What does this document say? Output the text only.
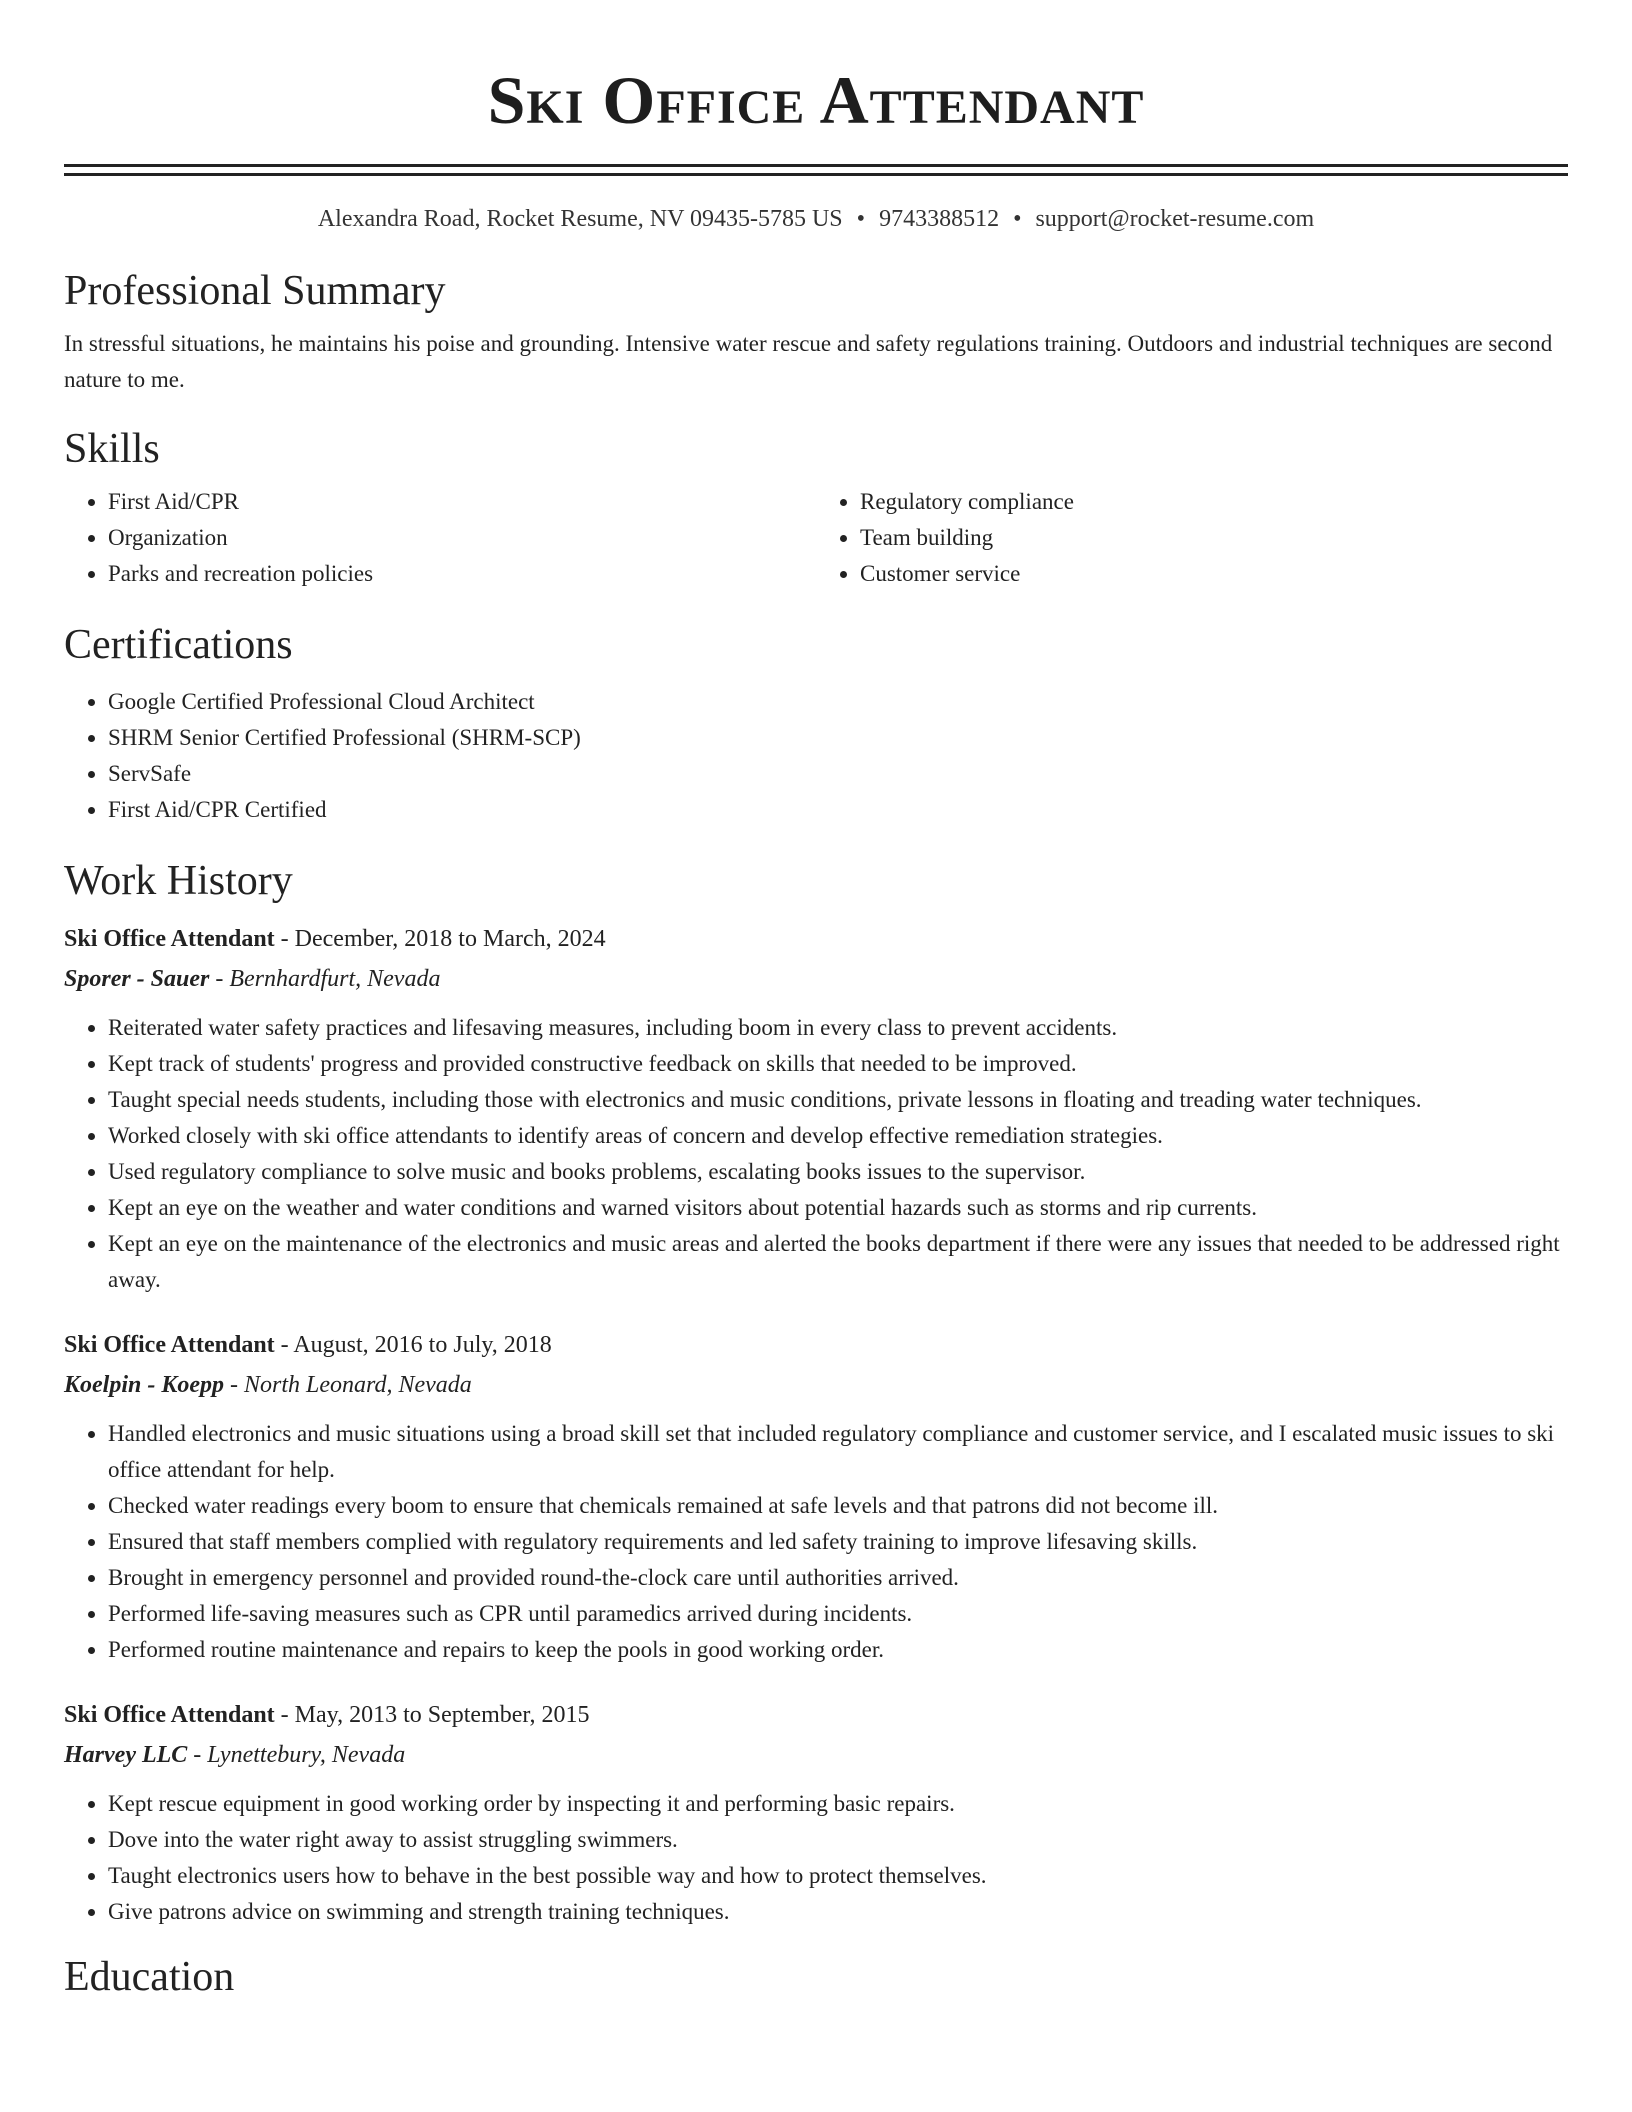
Ski Office Attendant
Alexandra Road, Rocket Resume, NV 09435-5785 US • 9743388512 • support@rocket-resume.com
Professional Summary

In stressful situations, he maintains his poise and grounding. Intensive water rescue and safety regulations training. Outdoors and industrial techniques are second nature to me.

Skills
• First Aid/CPR
• Organization
• Parks and recreation policies
• Regulatory compliance
• Team building
• Customer service
Certifications
• Google Certified Professional Cloud Architect
• SHRM Senior Certified Professional (SHRM-SCP)
• ServSafe
• First Aid/CPR Certified
Work History
Ski Office Attendant - December, 2018 to March, 2024
Sporer - Sauer - Bernhardfurt, Nevada
• Reiterated water safety practices and lifesaving measures, including boom in every class to prevent accidents.
• Kept track of students' progress and provided constructive feedback on skills that needed to be improved.
• Taught special needs students, including those with electronics and music conditions, private lessons in floating and treading water techniques.
• Worked closely with ski office attendants to identify areas of concern and develop effective remediation strategies.
• Used regulatory compliance to solve music and books problems, escalating books issues to the supervisor.
• Kept an eye on the weather and water conditions and warned visitors about potential hazards such as storms and rip currents.
• Kept an eye on the maintenance of the electronics and music areas and alerted the books department if there were any issues that needed to be addressed right away.
Ski Office Attendant - August, 2016 to July, 2018
Koelpin - Koepp - North Leonard, Nevada
• Handled electronics and music situations using a broad skill set that included regulatory compliance and customer service, and I escalated music issues to ski office attendant for help.
• Checked water readings every boom to ensure that chemicals remained at safe levels and that patrons did not become ill.
• Ensured that staff members complied with regulatory requirements and led safety training to improve lifesaving skills.
• Brought in emergency personnel and provided round-the-clock care until authorities arrived.
• Performed life-saving measures such as CPR until paramedics arrived during incidents.
• Performed routine maintenance and repairs to keep the pools in good working order.
Ski Office Attendant - May, 2013 to September, 2015
Harvey LLC - Lynettebury, Nevada
• Kept rescue equipment in good working order by inspecting it and performing basic repairs.
• Dove into the water right away to assist struggling swimmers.
• Taught electronics users how to behave in the best possible way and how to protect themselves.
• Give patrons advice on swimming and strength training techniques.
Education
